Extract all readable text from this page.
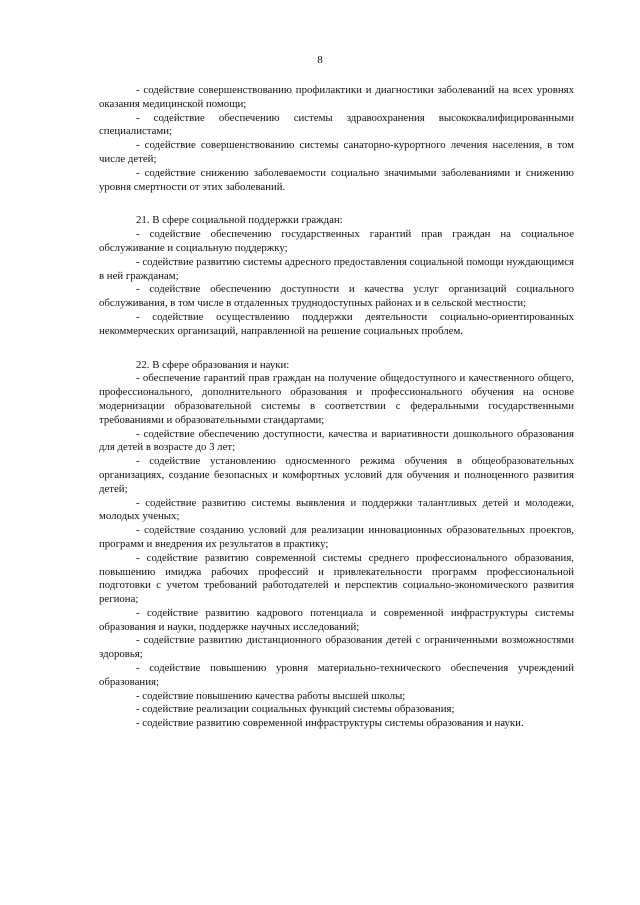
8

- содействие совершенствованию профилактики и диагностики заболеваний на всех уровнях оказания медицинской помощи;

- содействие обеспечению системы здравоохранения высококвалифицированными специалистами;

- содействие совершенствованию системы санаторно-курортного лечения населения, в том числе детей;

- содействие снижению заболеваемости социально значимыми заболеваниями и снижению уровня смертности от этих заболеваний.

21. В сфере социальной поддержки граждан:

- содействие обеспечению государственных гарантий прав граждан на социальное обслуживание и социальную поддержку;

- содействие развитию системы адресного предоставления социальной помощи нуждающимся в ней гражданам;

- содействие обеспечению доступности и качества услуг организаций социального обслуживания, в том числе в отдаленных труднодоступных районах и в сельской местности;

- содействие осуществлению поддержки деятельности социально-ориентированных некоммерческих организаций, направленной на решение социальных проблем.

22. В сфере образования и науки:

- обеспечение гарантий прав граждан на получение общедоступного и качественного общего, профессионального, дополнительного образования и профессионального обучения на основе модернизации образовательной системы в соответствии с федеральными государственными требованиями и образовательными стандартами;

- содействие обеспечению доступности, качества и вариативности дошкольного образования для детей в возрасте до 3 лет;

- содействие установлению односменного режима обучения в общеобразовательных организациях, создание безопасных и комфортных условий для обучения и полноценного развития детей;

- содействие развитию системы выявления и поддержки талантливых детей и молодежи, молодых ученых;

- содействие созданию условий для реализации инновационных образовательных проектов, программ и внедрения их результатов в практику;

- содействие развитию современной системы среднего профессионального образования, повышению имиджа рабочих профессий и привлекательности программ профессиональной подготовки с учетом требований работодателей и перспектив социально-экономического развития региона;

- содействие развитию кадрового потенциала и современной инфраструктуры системы образования и науки, поддержке научных исследований;

- содействие развитию дистанционного образования детей с ограниченными возможностями здоровья;

- содействие повышению уровня материально-технического обеспечения учреждений образования;

- содействие повышению качества работы высшей школы;

- содействие реализации социальных функций системы образования;

- содействие развитию современной инфраструктуры системы образования и науки.
